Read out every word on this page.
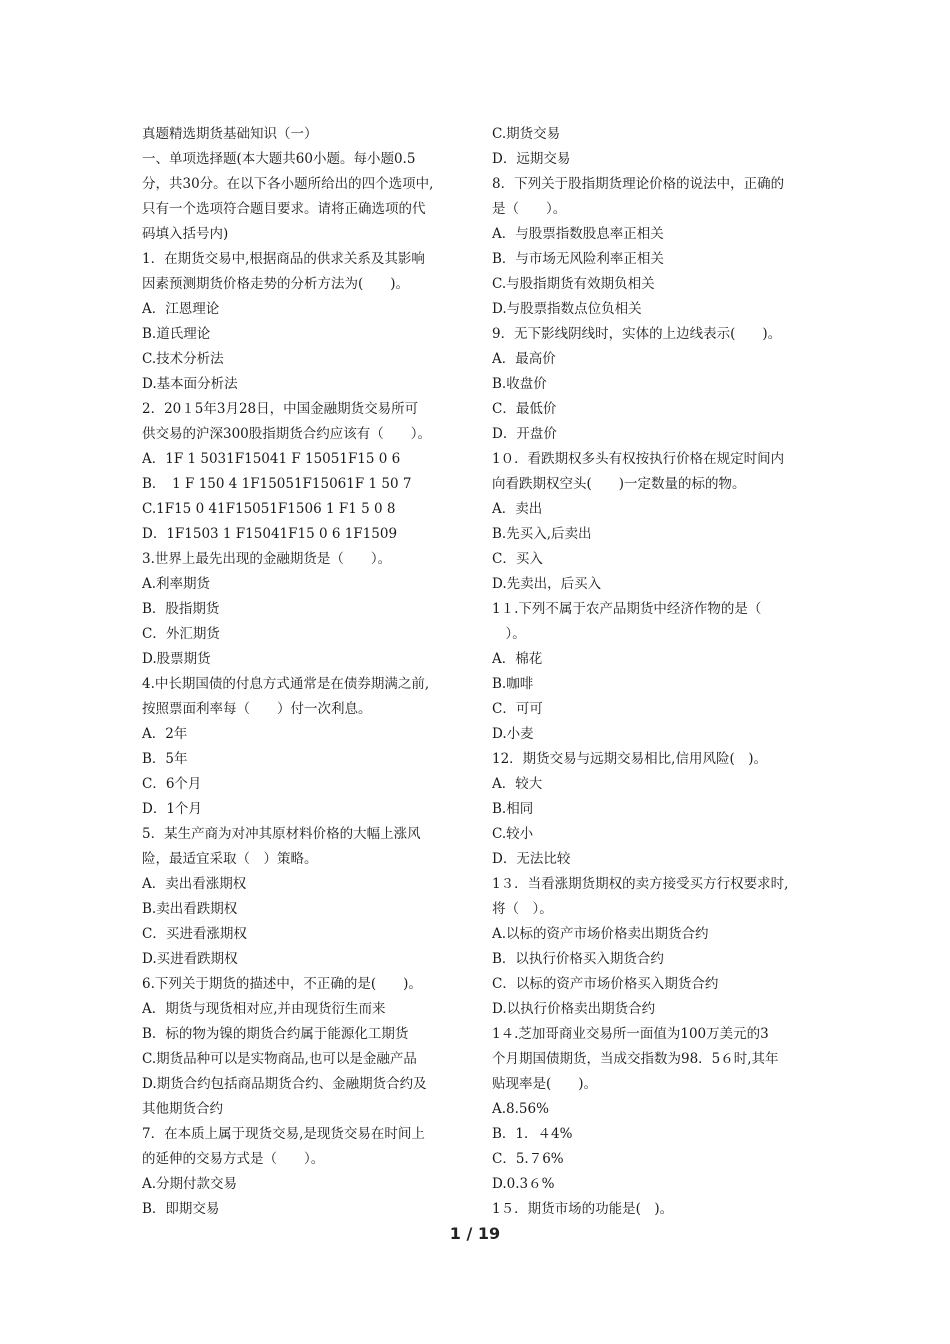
真题精选期货基础知识（一）
一、单项选择题(本大题共60小题。每小题0.5
分，共30分。在以下各小题所给出的四个选项中,
只有一个选项符合题目要求。请将正确选项的代
码填入括号内)
1．在期货交易中,根据商品的供求关系及其影响
因素预测期货价格走势的分析方法为(　　)。
A．江恩理论
B.道氏理论
C.技术分析法
D.基本面分析法
2．20１5年3月28日，中国金融期货交易所可
供交易的沪深300股指期货合约应该有（　　）。
A．1F 1 5031F15041 F 15051F15 0 6
B．　1 F 150 4 1F15051F15061F 1 50 7
C.1F15 0 41F15051F1506 1 F1 5 0 8
D．1F1503 1 F15041F15 0 6 1F1509
3.世界上最先出现的金融期货是（　　）。
A.利率期货
B．股指期货
C．外汇期货
D.股票期货
4.中长期国债的付息方式通常是在债券期满之前,
按照票面利率每（　　）付一次利息。
A．2年
B．5年
C．6个月
D．1个月
5．某生产商为对冲其原材料价格的大幅上涨风
险，最适宜采取（　）策略。
A．卖出看涨期权
B.卖出看跌期权
C．买进看涨期权
D.买进看跌期权
6.下列关于期货的描述中，不正确的是(　　)。
A．期货与现货相对应,并由现货衍生而来
B．标的物为镍的期货合约属于能源化工期货
C.期货品种可以是实物商品,也可以是金融产品
D.期货合约包括商品期货合约、金融期货合约及
其他期货合约
7．在本质上属于现货交易,是现货交易在时间上
的延伸的交易方式是（　　）。
A.分期付款交易
B．即期交易
C.期货交易
D．远期交易
8．下列关于股指期货理论价格的说法中，正确的
是（　　）。
A．与股票指数股息率正相关
B．与市场无风险利率正相关
C.与股指期货有效期负相关
D.与股票指数点位负相关
9．无下影线阴线时，实体的上边线表示(　　)。
A．最高价
B.收盘价
C．最低价
D．开盘价
1０．看跌期权多头有权按执行价格在规定时间内
向看跌期权空头(　　)一定数量的标的物。
A．卖出
B.先买入,后卖出
C．买入
D.先卖出，后买入
1１.下列不属于农产品期货中经济作物的是（
　）。
A．棉花
B.咖啡
C．可可
D.小麦
12．期货交易与远期交易相比,信用风险(　)。
A．较大
B.相同
C.较小
D．无法比较
1３．当看涨期货期权的卖方接受买方行权要求时,
将（　）。
A.以标的资产市场价格卖出期货合约
B．以执行价格买入期货合约
C．以标的资产市场价格买入期货合约
D.以执行价格卖出期货合约
1４.芝加哥商业交易所一面值为100万美元的3
个月期国债期货，当成交指数为98．5６时,其年
贴现率是(　　)。
A.8.56%
B．1．４4%
C．5.７6%
D.0.3６%
1５．期货市场的功能是(　)。
1 / 19
